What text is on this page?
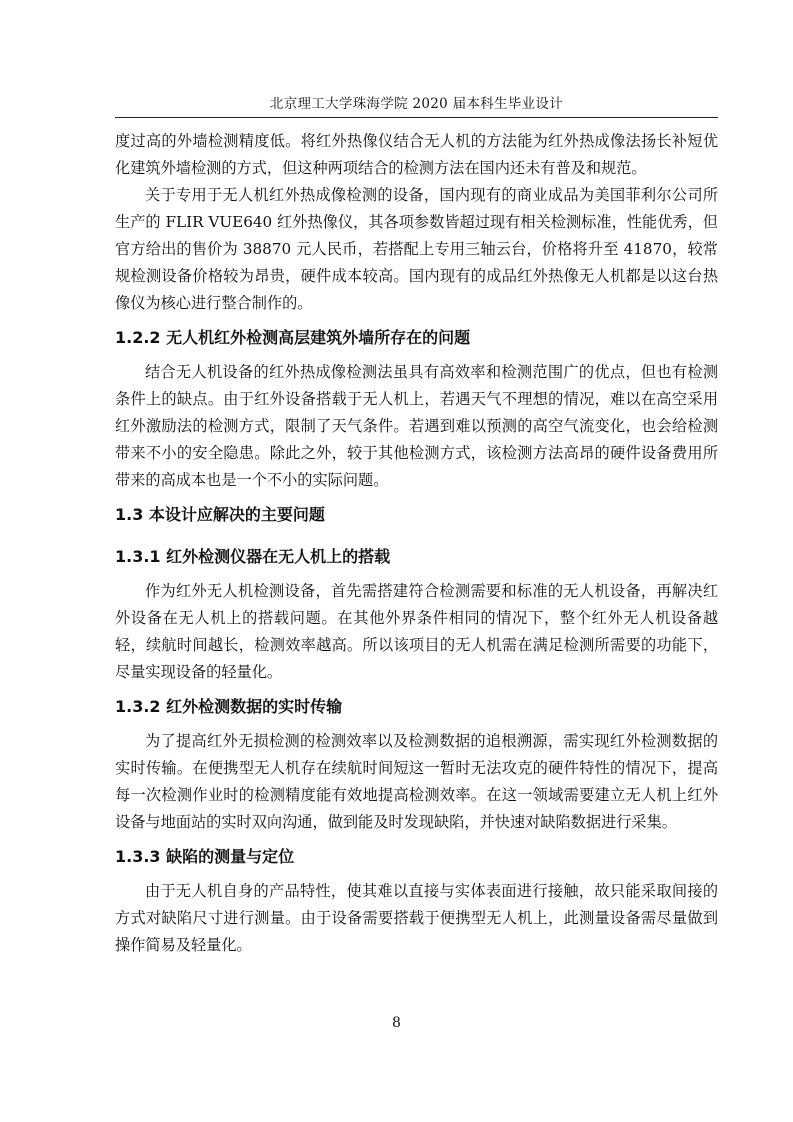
北京理工大学珠海学院 2020 届本科生毕业设计

度过高的外墙检测精度低。将红外热像仪结合无人机的方法能为红外热成像法扬长补短优化建筑外墙检测的方式，但这种两项结合的检测方法在国内还未有普及和规范。

关于专用于无人机红外热成像检测的设备，国内现有的商业成品为美国菲利尔公司所生产的 FLIR VUE640 红外热像仪，其各项参数皆超过现有相关检测标准，性能优秀，但官方给出的售价为 38870 元人民币，若搭配上专用三轴云台，价格将升至 41870，较常规检测设备价格较为昂贵，硬件成本较高。国内现有的成品红外热像无人机都是以这台热像仪为核心进行整合制作的。

1.2.2 无人机红外检测高层建筑外墙所存在的问题

结合无人机设备的红外热成像检测法虽具有高效率和检测范围广的优点，但也有检测条件上的缺点。由于红外设备搭载于无人机上，若遇天气不理想的情况，难以在高空采用红外激励法的检测方式，限制了天气条件。若遇到难以预测的高空气流变化，也会给检测带来不小的安全隐患。除此之外，较于其他检测方式，该检测方法高昂的硬件设备费用所带来的高成本也是一个不小的实际问题。

1.3 本设计应解决的主要问题
1.3.1 红外检测仪器在无人机上的搭载

作为红外无人机检测设备，首先需搭建符合检测需要和标准的无人机设备，再解决红外设备在无人机上的搭载问题。在其他外界条件相同的情况下，整个红外无人机设备越轻，续航时间越长，检测效率越高。所以该项目的无人机需在满足检测所需要的功能下，尽量实现设备的轻量化。

1.3.2 红外检测数据的实时传输

为了提高红外无损检测的检测效率以及检测数据的追根溯源，需实现红外检测数据的实时传输。在便携型无人机存在续航时间短这一暂时无法攻克的硬件特性的情况下，提高每一次检测作业时的检测精度能有效地提高检测效率。在这一领域需要建立无人机上红外设备与地面站的实时双向沟通，做到能及时发现缺陷，并快速对缺陷数据进行采集。

1.3.3 缺陷的测量与定位

由于无人机自身的产品特性，使其难以直接与实体表面进行接触，故只能采取间接的方式对缺陷尺寸进行测量。由于设备需要搭载于便携型无人机上，此测量设备需尽量做到操作简易及轻量化。

8
